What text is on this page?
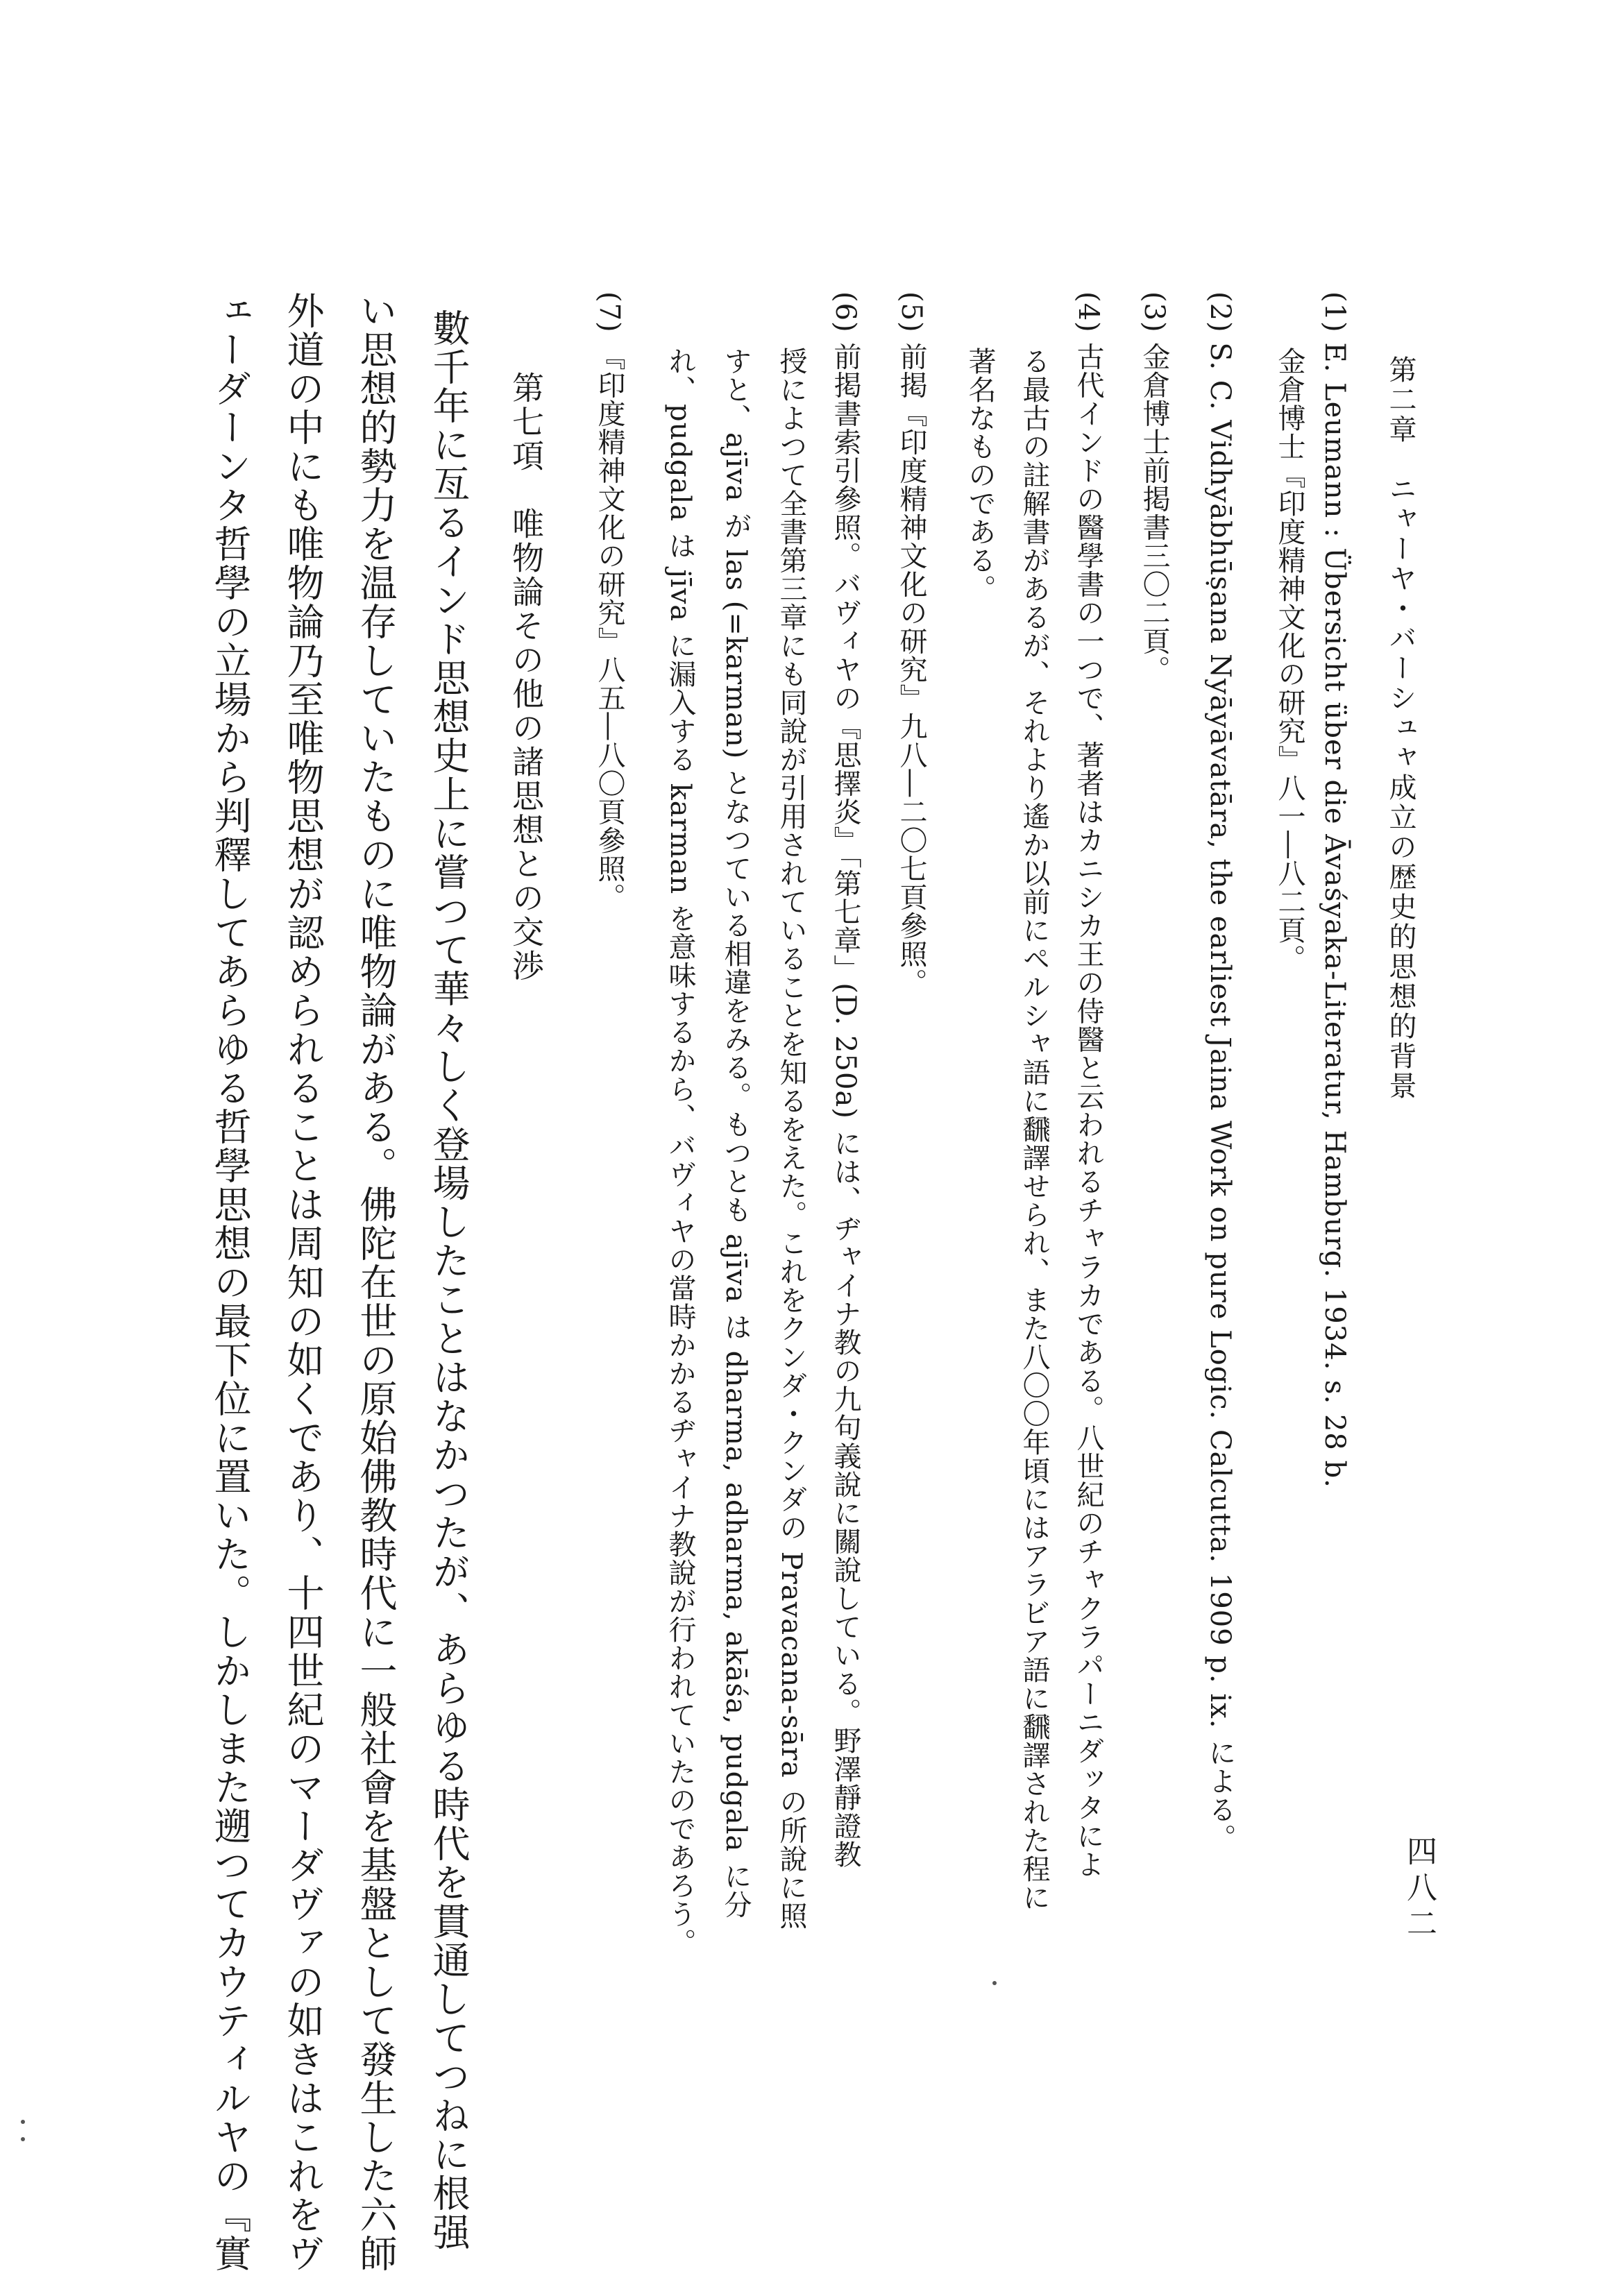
第二章　ニャーヤ・バーシュャ成立の歴史的思想的背景
四八二
(1) E. Leumann : Übersicht über die Āvaśyaka-Literatur, Hamburg. 1934. s. 28 b.
金倉博士『印度精神文化の研究』八一―八二頁。
(2) S. C. Vidhyābhūṣana Nyāyāvatāra, the earliest Jaina Work on pure Logic. Calcutta. 1909 p. ix. による。
(3) 金倉博士前掲書三〇二頁。
(4) 古代インドの醫學書の一つで、著者はカニシカ王の侍醫と云われるチャラカである。八世紀のチャクラパーニダッタによ
る最古の註解書があるが、それより遙か以前にペルシャ語に飜譯せられ、また八〇〇年頃にはアラビア語に飜譯された程に
著名なものである。
(5) 前掲『印度精神文化の研究』九八―二〇七頁參照。
(6) 前掲書索引參照。バヴィヤの『思擇炎』「第七章」(D. 250a) には、ヂャイナ教の九句義說に關說している。野澤靜證教
授によつて全書第三章にも同說が引用されていることを知るをえた。これをクンダ・クンダの Pravacana-sāra の所說に照
すと、ajīva が las (=karman) となつている相違をみる。もつとも ajīva は dharma, adharma, akāśa, pudgala に分
れ、pudgala は jīva に漏入する karman を意味するから、バヴィヤの當時かかるヂャイナ教說が行われていたのであろう。
(7) 『印度精神文化の研究』八五―八〇頁參照。
第七項　唯物論その他の諸思想との交渉
數千年に亙るインド思想史上に嘗つて華々しく登場したことはなかつたが、あらゆる時代を貫通してつねに根强
い思想的勢力を温存していたものに唯物論がある。佛陀在世の原始佛教時代に一般社會を基盤として發生した六師
外道の中にも唯物論乃至唯物思想が認められることは周知の如くであり、十四世紀のマーダヴァの如きはこれをヴ
ェーダーンタ哲學の立場から判釋してあらゆる哲學思想の最下位に置いた。しかしまた遡つてカウティルヤの『實
